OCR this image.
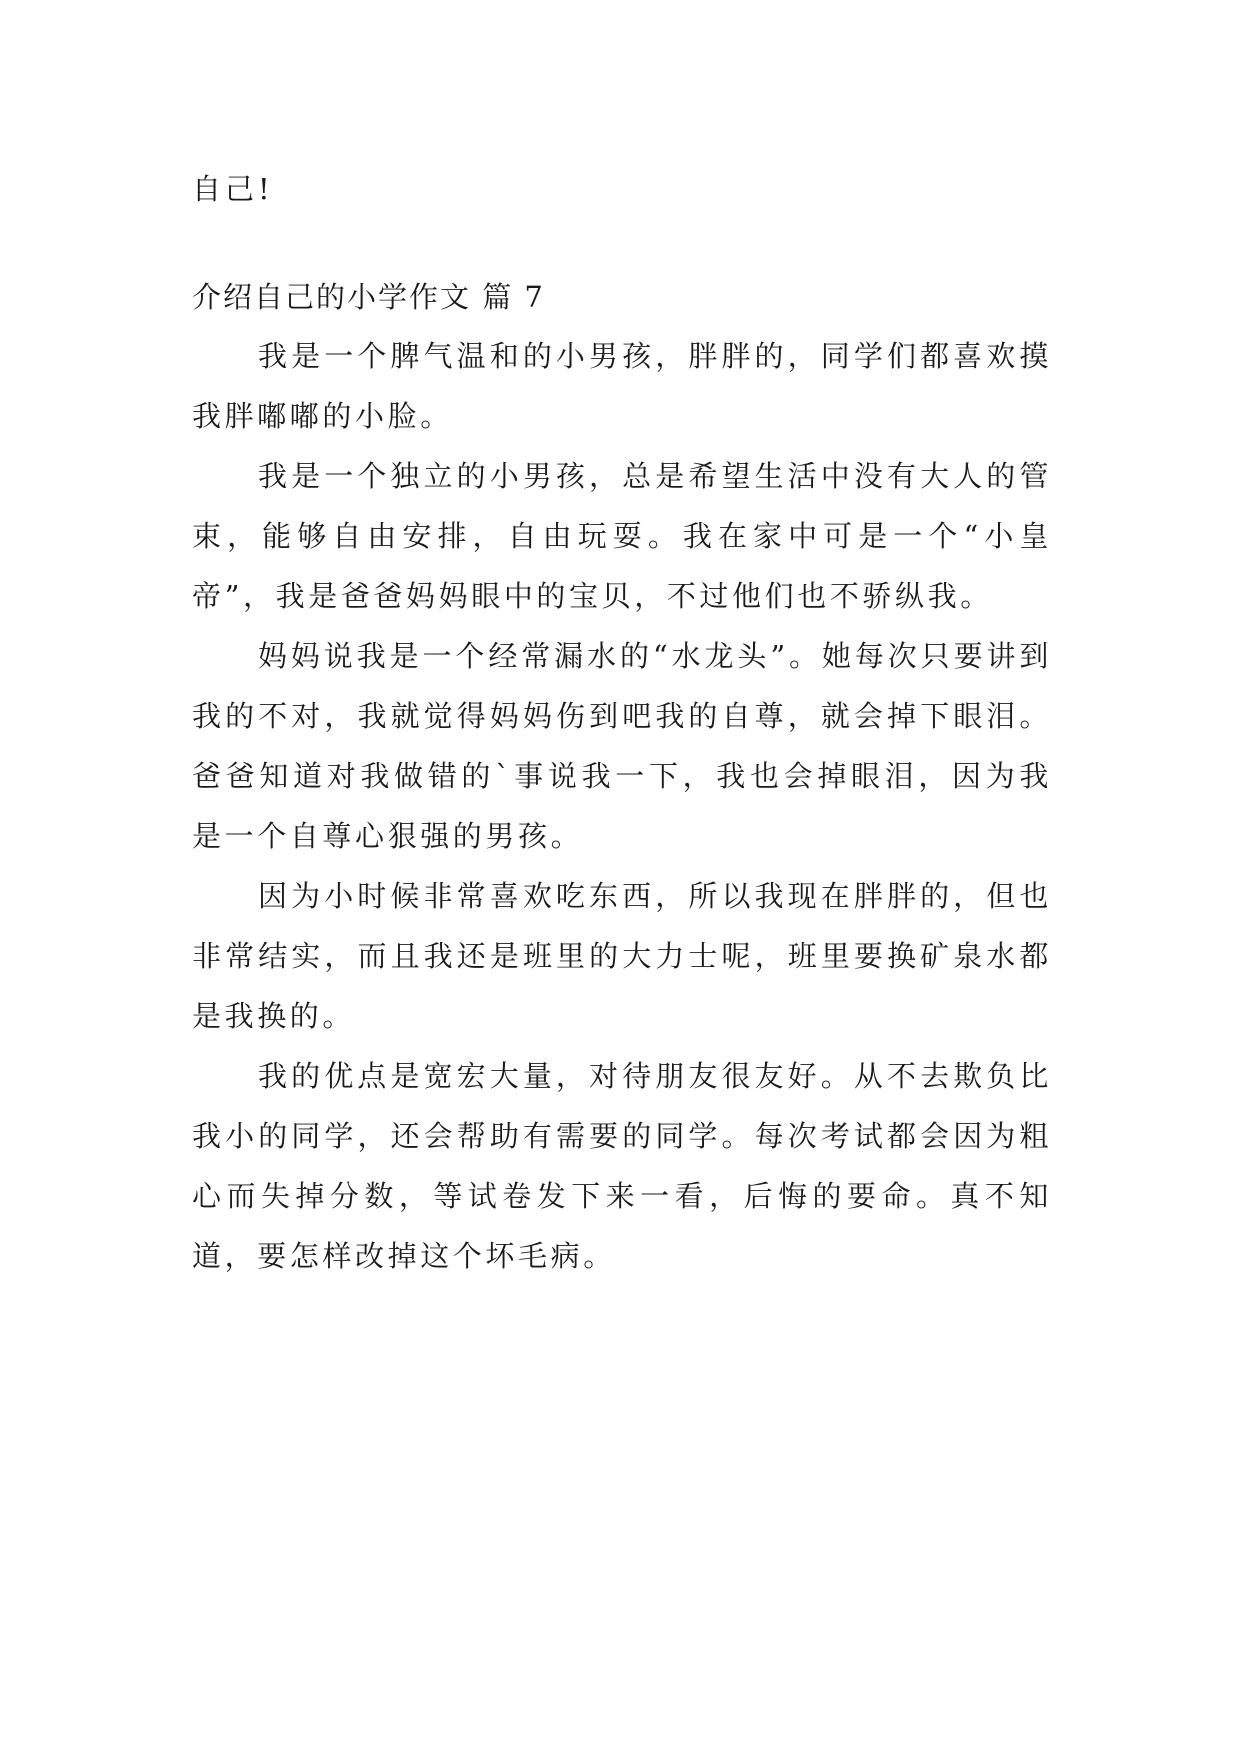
自己!

介绍自己的小学作文 篇 7

我是一个脾气温和的小男孩，胖胖的，同学们都喜欢摸我胖嘟嘟的小脸。

我是一个独立的小男孩，总是希望生活中没有大人的管束，能够自由安排，自由玩耍。我在家中可是一个“小皇帝”，我是爸爸妈妈眼中的宝贝，不过他们也不骄纵我。

妈妈说我是一个经常漏水的“水龙头”。她每次只要讲到我的不对，我就觉得妈妈伤到吧我的自尊，就会掉下眼泪。爸爸知道对我做错的`事说我一下，我也会掉眼泪，因为我是一个自尊心狠强的男孩。

因为小时候非常喜欢吃东西，所以我现在胖胖的，但也非常结实，而且我还是班里的大力士呢，班里要换矿泉水都是我换的。

我的优点是宽宏大量，对待朋友很友好。从不去欺负比我小的同学，还会帮助有需要的同学。每次考试都会因为粗心而失掉分数，等试卷发下来一看，后悔的要命。真不知道，要怎样改掉这个坏毛病。
